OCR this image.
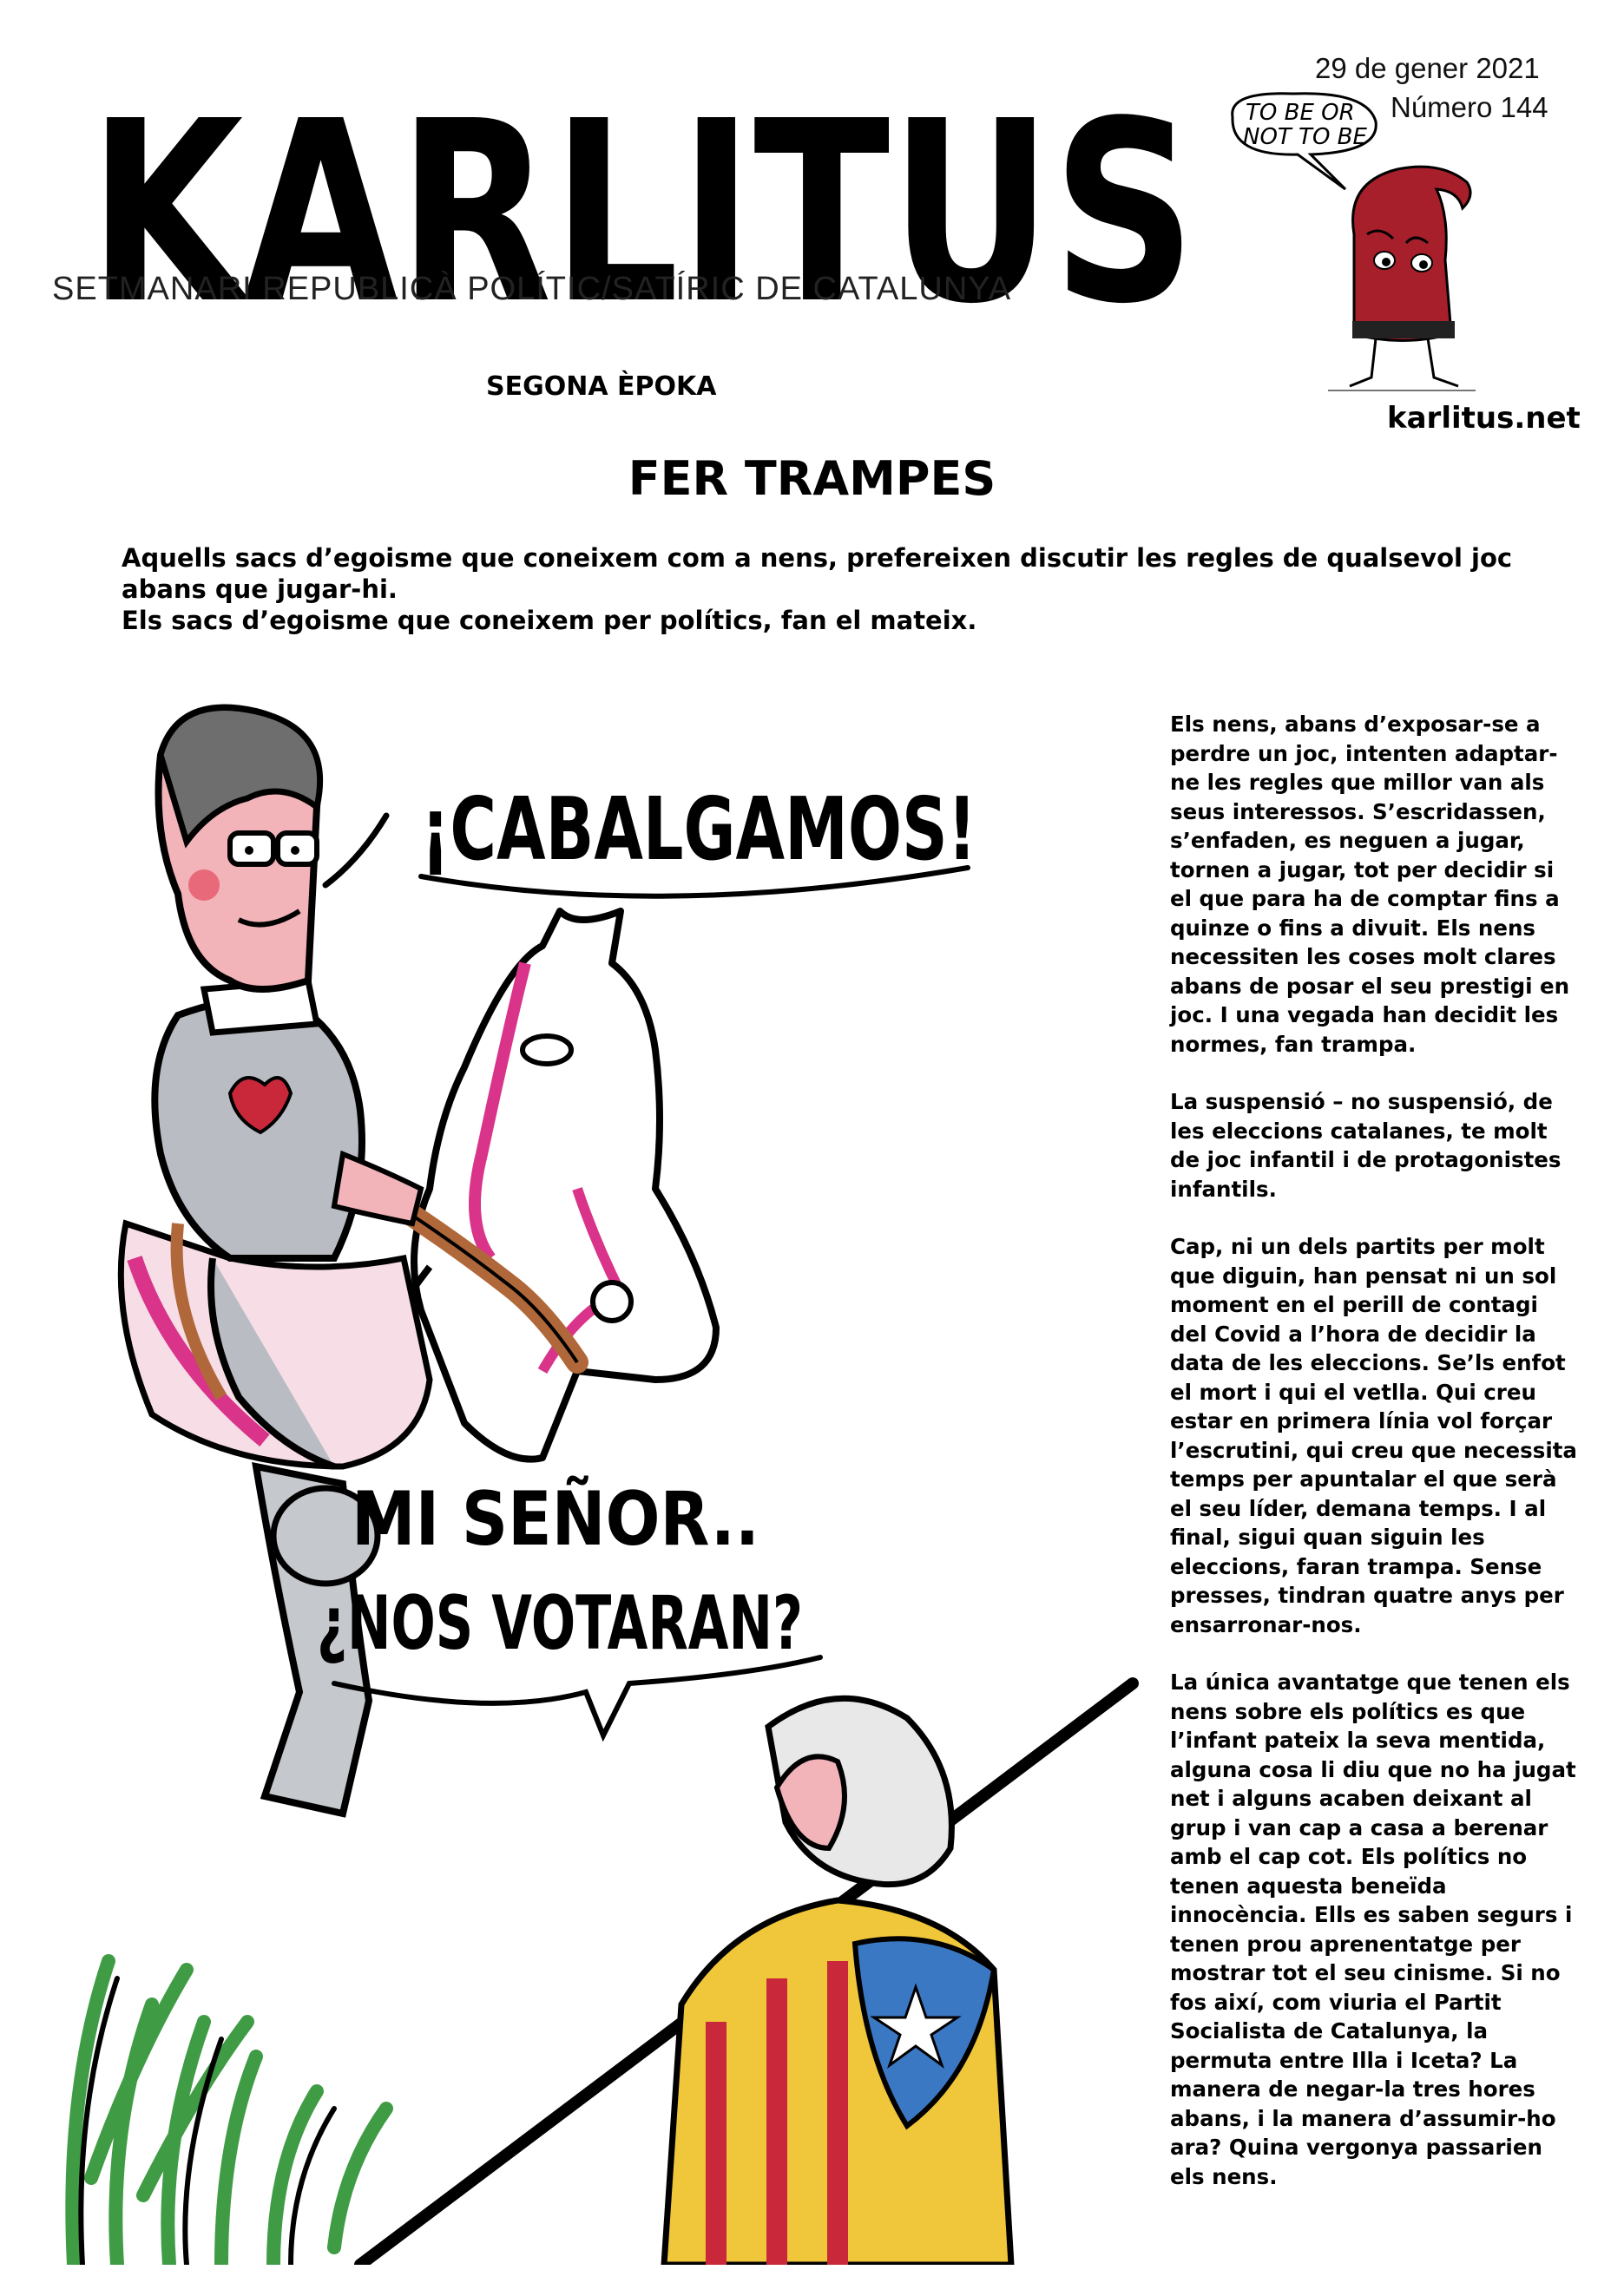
KARLITUS
SETMANARI REPUBLICÀ POLÍTIC/SATÍRIC DE CATALUNYA
SEGONA ÈPOKA
29 de gener 2021
Número 144
karlitus.net
TO BE OR
NOT TO BE
FER TRAMPES
Aquells sacs d’egoisme que coneixem com a nens, prefereixen discutir les regles de qualsevol joc abans que jugar-hi.
Els sacs d’egoisme que coneixem per polítics, fan el mateix.
¡CABALGAMOS!
MI SEÑOR..
¿NOS VOTARAN?

Els nens, abans d’exposar-se a perdre un joc, intenten adaptar-ne les regles que millor van als seus interessos. S’escridassen, s’enfaden, es neguen a jugar, tornen a jugar, tot per decidir si el que para ha de comptar fins a quinze o fins a divuit. Els nens necessiten les coses molt clares abans de posar el seu prestigi en joc. I una vegada han decidit les normes, fan trampa.

La suspensió – no suspensió, de les eleccions catalanes, te molt de joc infantil i de protagonistes infantils.

Cap, ni un dels partits per molt que diguin, han pensat ni un sol moment en el perill de contagi del Covid a l’hora de decidir la data de les eleccions. Se’ls enfot el mort i qui el vetlla. Qui creu estar en primera línia vol forçar l’escrutini, qui creu que necessita temps per apuntalar el que serà el seu líder, demana temps. I al final, sigui quan siguin les eleccions, faran trampa. Sense presses, tindran quatre anys per ensarronar-nos.

La única avantatge que tenen els nens sobre els polítics es que l’infant pateix la seva mentida, alguna cosa li diu que no ha jugat net i alguns acaben deixant al grup i van cap a casa a berenar amb el cap cot. Els polítics no tenen aquesta beneïda innocència. Ells es saben segurs i tenen prou aprenentatge per mostrar tot el seu cinisme. Si no fos així, com viuria el Partit Socialista de Catalunya, la permuta entre Illa i Iceta? La manera de negar-la tres hores abans, i la manera d’assumir-ho ara? Quina vergonya passarien els nens.
